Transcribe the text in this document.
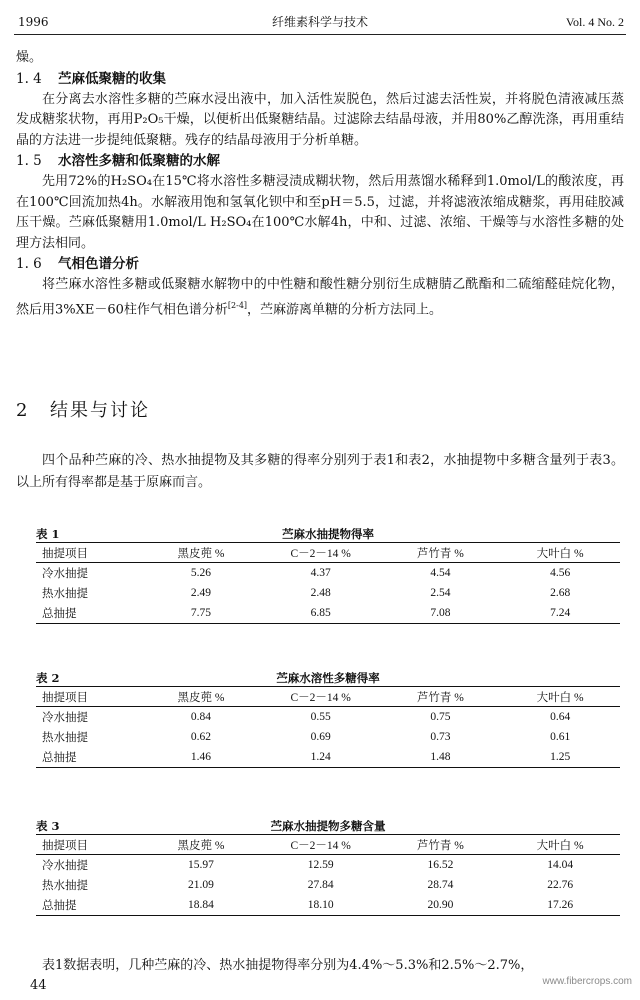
1996	纤维素科学与技术	Vol. 4 No. 2

燥。

1. 4 苎麻低聚糖的收集

在分离去水溶性多糖的苎麻水浸出液中，加入活性炭脱色，然后过滤去活性炭，并将脱色清液减压蒸发成糖浆状物，再用P₂O₅干燥，以便析出低聚糖结晶。过滤除去结晶母液，并用80%乙醇洗涤，再用重结晶的方法进一步提纯低聚糖。残存的结晶母液用于分析单糖。

1. 5 水溶性多糖和低聚糖的水解

先用72%的H₂SO₄在15℃将水溶性多糖浸渍成糊状物，然后用蒸馏水稀释到1.0mol/L的酸浓度，再在100℃回流加热4h。水解液用饱和氢氧化钡中和至pH＝5.5，过滤，并将滤液浓缩成糖浆，再用硅胶减压干燥。苎麻低聚糖用1.0mol/L H₂SO₄在100℃水解4h，中和、过滤、浓缩、干燥等与水溶性多糖的处理方法相同。

1. 6 气相色谱分析

将苎麻水溶性多糖或低聚糖水解物中的中性糖和酸性糖分别衍生成糖腈乙酰酯和二硫缩醛硅烷化物，然后用3%XE－60柱作气相色谱分析[2-4]，苎麻游离单糖的分析方法同上。

2 结果与讨论

四个品种苎麻的冷、热水抽提物及其多糖的得率分别列于表1和表2，水抽提物中多糖含量列于表3。以上所有得率都是基于原麻而言。

表 1	苎麻水抽提物得率
抽提项目	黑皮蔸 %	C－2－14 %	芦竹青 %	大叶白 %
冷水抽提	5.26	4.37	4.54	4.56
热水抽提	2.49	2.48	2.54	2.68
总抽提	7.75	6.85	7.08	7.24
表 2	苎麻水溶性多糖得率
抽提项目	黑皮蔸 %	C－2－14 %	芦竹青 %	大叶白 %
冷水抽提	0.84	0.55	0.75	0.64
热水抽提	0.62	0.69	0.73	0.61
总抽提	1.46	1.24	1.48	1.25
表 3	苎麻水抽提物多糖含量
抽提项目	黑皮蔸 %	C－2－14 %	芦竹青 %	大叶白 %
冷水抽提	15.97	12.59	16.52	14.04
热水抽提	21.09	27.84	28.74	22.76
总抽提	18.84	18.10	20.90	17.26

表1数据表明，几种苎麻的冷、热水抽提物得率分别为4.4%～5.3%和2.5%～2.7%，

44	www.fibercrops.com
